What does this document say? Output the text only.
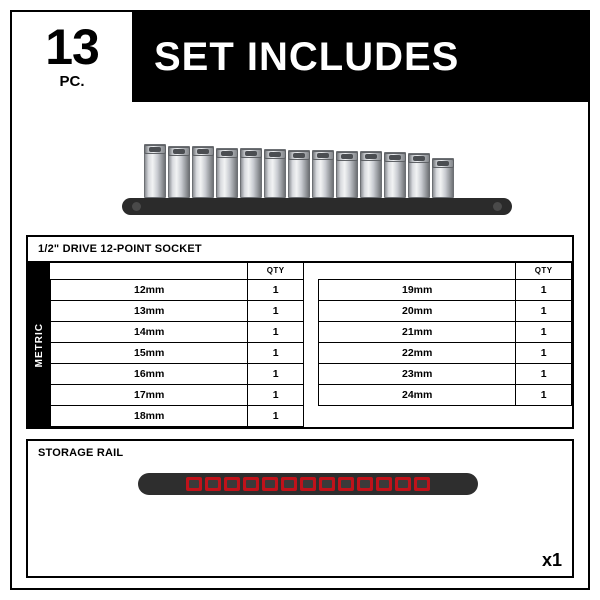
13
PC.
SET INCLUDES
1/2" DRIVE 12-POINT SOCKET
METRIC
	QTY
12mm	1
13mm	1
14mm	1
15mm	1
16mm	1
17mm	1
18mm	1
	QTY
19mm	1
20mm	1
21mm	1
22mm	1
23mm	1
24mm	1

STORAGE RAIL
x1
